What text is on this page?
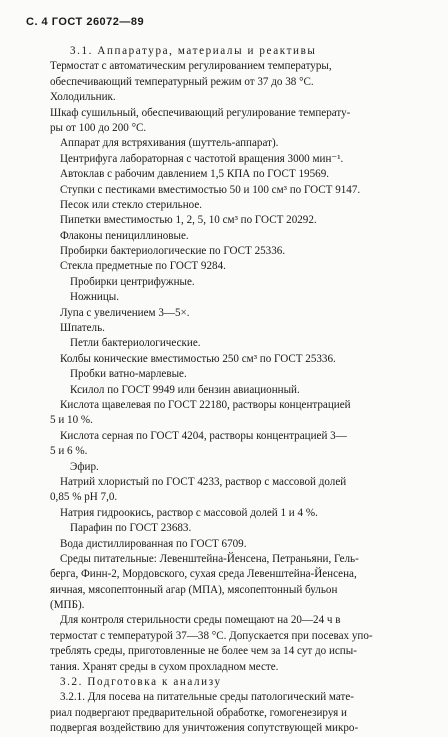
С. 4 ГОСТ 26072—89
3.1. Аппаратура, материалы и реактивы
Термостат с автоматическим регулированием температуры,
обеспечивающий температурный режим от 37 до 38 °С.
Холодильник.
Шкаф сушильный, обеспечивающий регулирование температу-
ры от 100 до 200 °С.
Аппарат для встряхивания (шуттель-аппарат).
Центрифуга лабораторная с частотой вращения 3000 мин⁻¹.
Автоклав с рабочим давлением 1,5 КПА по ГОСТ 19569.
Ступки с пестиками вместимостью 50 и 100 см³ по ГОСТ 9147.
Песок или стекло стерильное.
Пипетки вместимостью 1, 2, 5, 10 см³ по ГОСТ 20292.
Флаконы пенициллиновые.
Пробирки бактериологические по ГОСТ 25336.
Стекла предметные по ГОСТ 9284.
Пробирки центрифужные.
Ножницы.
Лупа с увеличением 3—5×.
Шпатель.
Петли бактериологические.
Колбы конические вместимостью 250 см³ по ГОСТ 25336.
Пробки ватно-марлевые.
Ксилол по ГОСТ 9949 или бензин авиационный.
Кислота щавелевая по ГОСТ 22180, растворы концентрацией
5 и 10 %.
Кислота серная по ГОСТ 4204, растворы концентрацией 3—
5 и 6 %.
Эфир.
Натрий хлористый по ГОСТ 4233, раствор с массовой долей
0,85 % рН 7,0.
Натрия гидроокись, раствор с массовой долей 1 и 4 %.
Парафин по ГОСТ 23683.
Вода дистиллированная по ГОСТ 6709.
Среды питательные: Левенштейна-Йенсена, Петраньяни, Гель-
берга, Финн-2, Мордовского, сухая среда Левенштейна-Йенсена,
яичная, мясопептонный агар (МПА), мясопептонный бульон
(МПБ).
Для контроля стерильности среды помещают на 20—24 ч в
термостат с температурой 37—38 °С. Допускается при посевах упо-
треблять среды, приготовленные не более чем за 14 сут до испы-
тания. Хранят среды в сухом прохладном месте.
3.2. Подготовка к анализу
3.2.1. Для посева на питательные среды патологический мате-
риал подвергают предварительной обработке, гомогенезируя и
подвергая воздействию для уничтожения сопутствующей микро-
